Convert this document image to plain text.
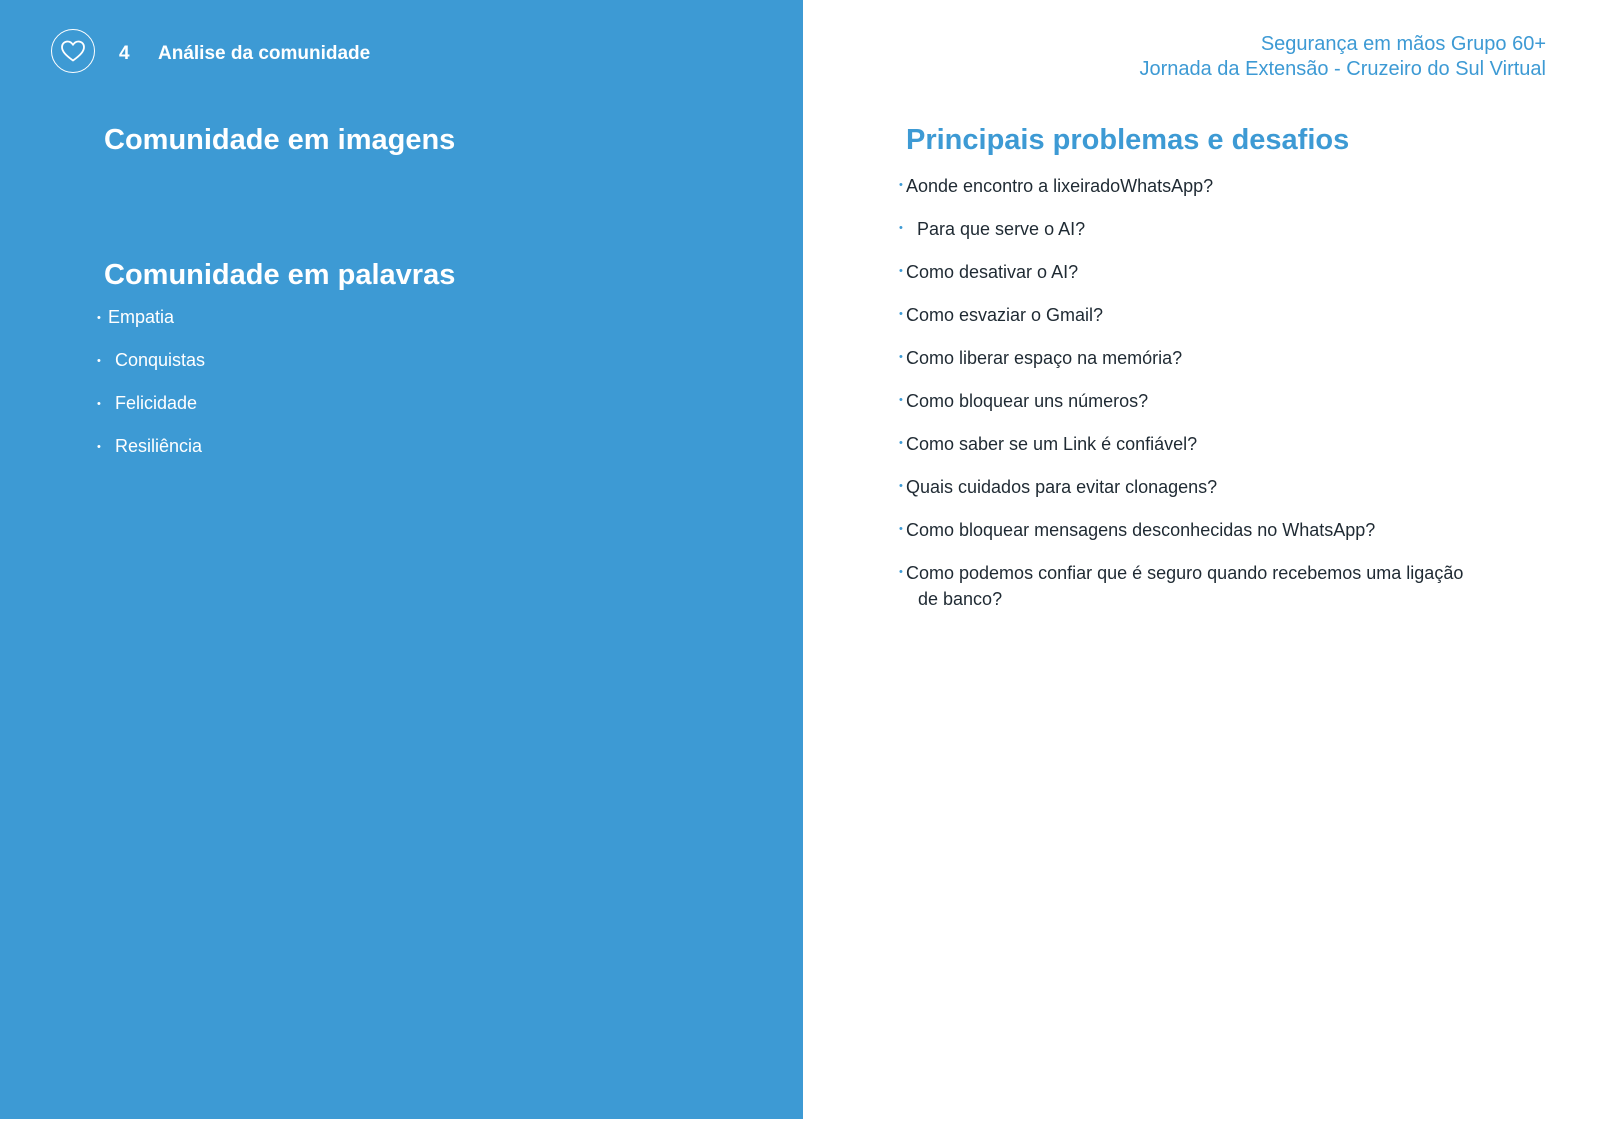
4 Análise da comunidade
Comunidade em imagens
Comunidade em palavras
• Empatia
• Conquistas
• Felicidade
• Resiliência
Segurança em mãos Grupo 60+
Jornada da Extensão - Cruzeiro do Sul Virtual
Principais problemas e desafios
• Aonde encontro a lixeiradoWhatsApp?
• Para que serve o AI?
• Como desativar o AI?
• Como esvaziar o Gmail?
• Como liberar espaço na memória?
• Como bloquear uns números?
• Como saber se um Link é confiável?
• Quais cuidados para evitar clonagens?
• Como bloquear mensagens desconhecidas no WhatsApp?
• Como podemos confiar que é seguro quando recebemos uma ligação
de banco?
